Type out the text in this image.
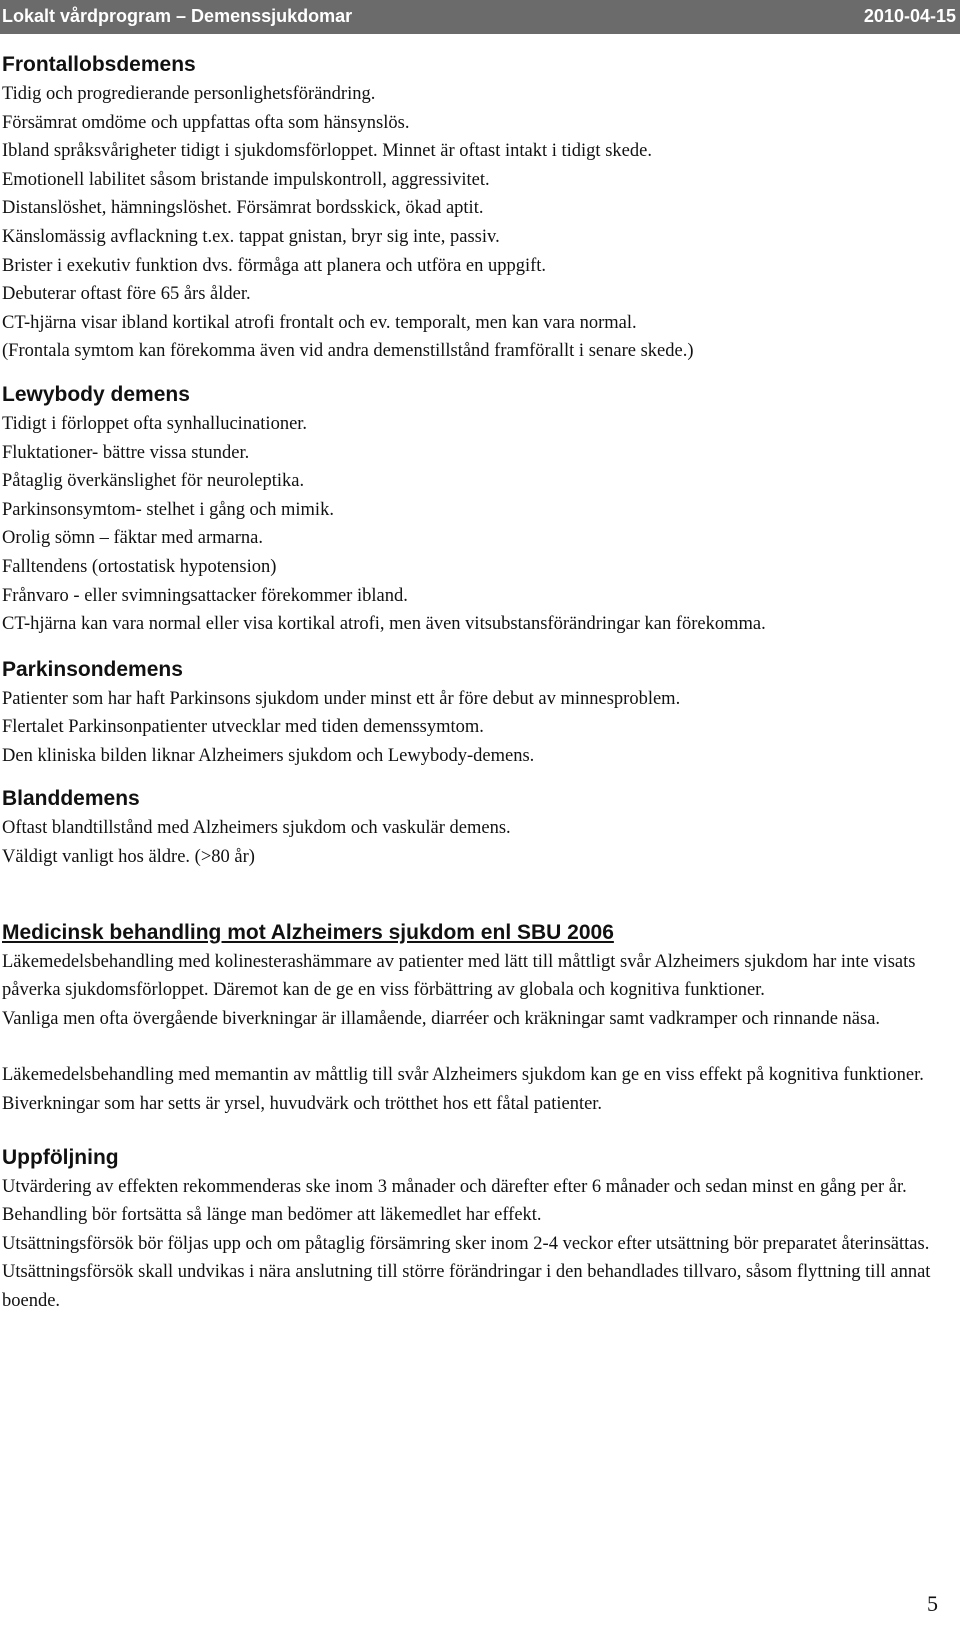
Lokalt vårdprogram – Demenssjukdomar	2010-04-15
Frontallobsdemens

Tidig och progredierande personlighetsförändring.

Försämrat omdöme och uppfattas ofta som hänsynslös.

Ibland språksvårigheter tidigt i sjukdomsförloppet. Minnet är oftast intakt i tidigt skede.

Emotionell labilitet såsom bristande impulskontroll, aggressivitet.

Distanslöshet, hämningslöshet. Försämrat bordsskick, ökad aptit.

Känslomässig avflackning t.ex. tappat gnistan, bryr sig inte, passiv.

Brister i exekutiv funktion dvs. förmåga att planera och utföra en uppgift.

Debuterar oftast före 65 års ålder.

CT-hjärna visar ibland kortikal atrofi frontalt och ev. temporalt, men kan vara normal.

(Frontala symtom kan förekomma även vid andra demenstillstånd framförallt i senare skede.)

Lewybody demens

Tidigt i förloppet ofta synhallucinationer.

Fluktationer- bättre vissa stunder.

Påtaglig överkänslighet för neuroleptika.

Parkinsonsymtom- stelhet i gång och mimik.

Orolig sömn – fäktar med armarna.

Falltendens (ortostatisk hypotension)

Frånvaro - eller svimningsattacker förekommer ibland.

CT-hjärna kan vara normal eller visa kortikal atrofi, men även vitsubstansförändringar kan förekomma.

Parkinsondemens

Patienter som har haft Parkinsons sjukdom under minst ett år före debut av minnesproblem.

Flertalet Parkinsonpatienter utvecklar med tiden demenssymtom.

Den kliniska bilden liknar Alzheimers sjukdom och Lewybody-demens.

Blanddemens

Oftast blandtillstånd med Alzheimers sjukdom och vaskulär demens.

Väldigt vanligt hos äldre. (>80 år)

Medicinsk behandling mot Alzheimers sjukdom enl SBU 2006

Läkemedelsbehandling med kolinesterashämmare av patienter med lätt till måttligt svår Alzheimers sjukdom har inte visats påverka sjukdomsförloppet. Däremot kan de ge en viss förbättring av globala och kognitiva funktioner.

Vanliga men ofta övergående biverkningar är illamående, diarréer och kräkningar samt vadkramper och rinnande näsa.

Läkemedelsbehandling med memantin av måttlig till svår Alzheimers sjukdom kan ge en viss effekt på kognitiva funktioner.

Biverkningar som har setts är yrsel, huvudvärk och trötthet hos ett fåtal patienter.

Uppföljning

Utvärdering av effekten rekommenderas ske inom 3 månader och därefter efter 6 månader och sedan minst en gång per år.

Behandling bör fortsätta så länge man bedömer att läkemedlet har effekt.

Utsättningsförsök bör följas upp och om påtaglig försämring sker inom 2-4 veckor efter utsättning bör preparatet återinsättas.

Utsättningsförsök skall undvikas i nära anslutning till större förändringar i den behandlades tillvaro, såsom flyttning till annat boende.

5
